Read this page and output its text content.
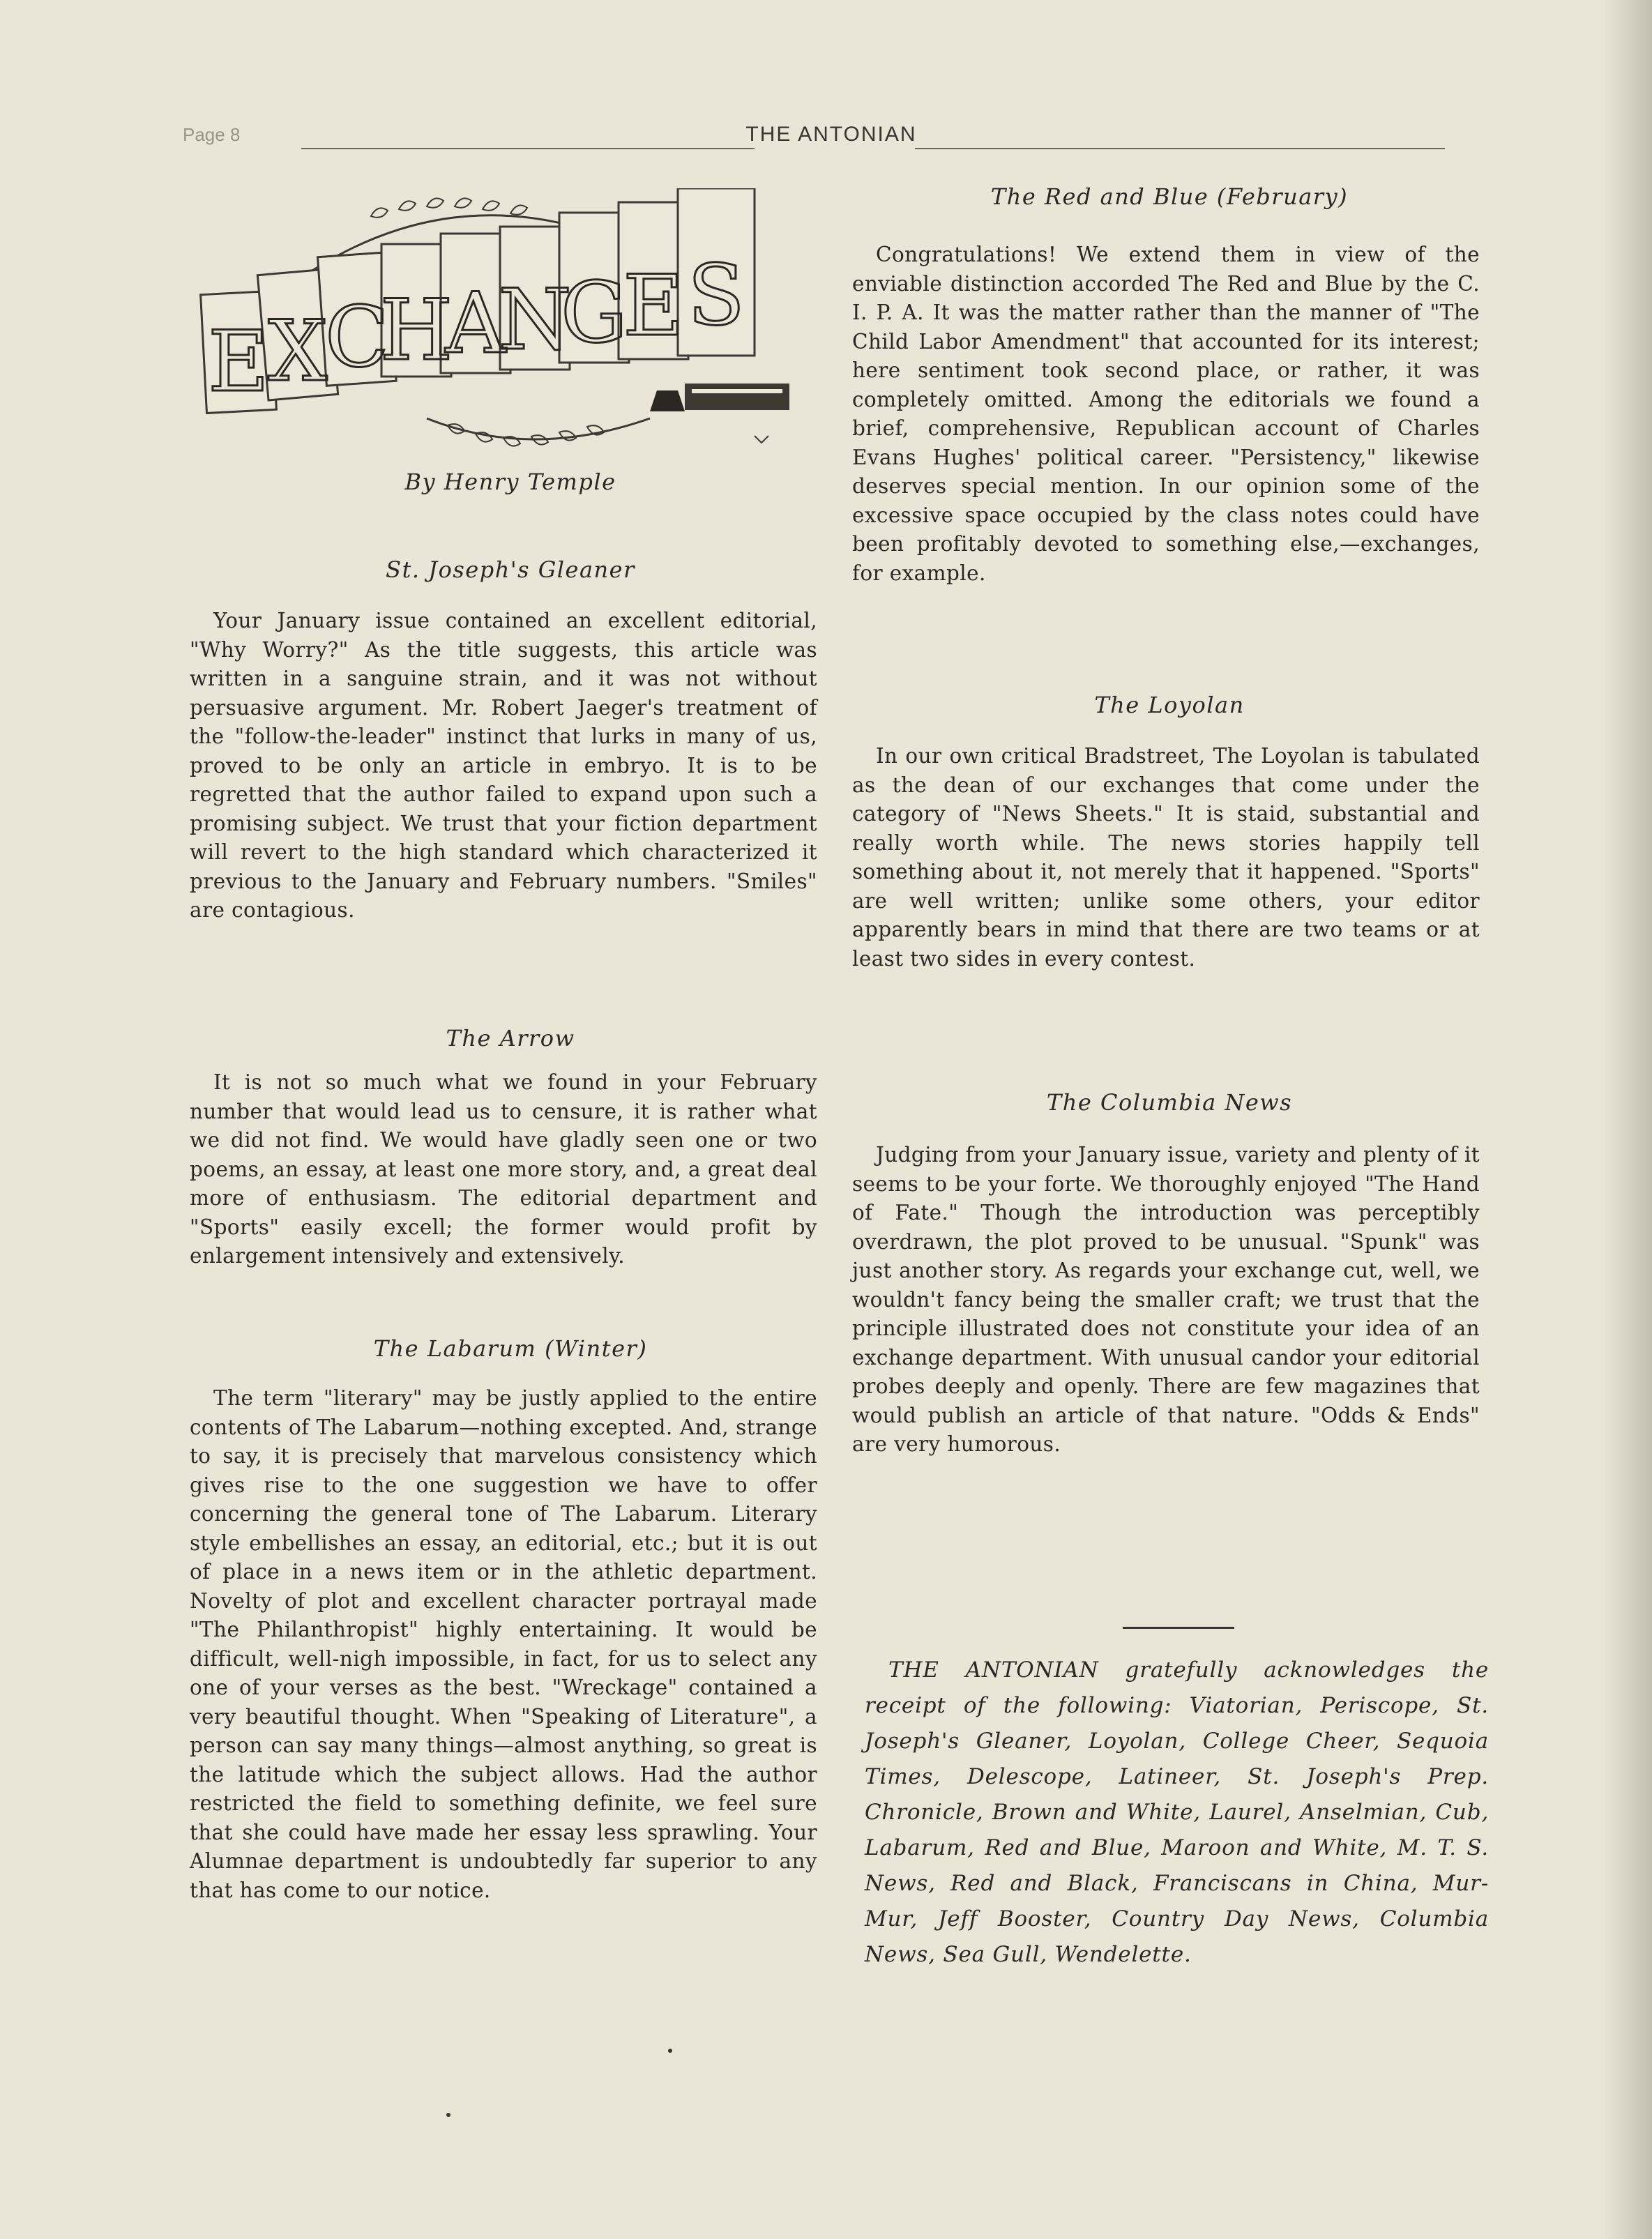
Page 8	THE ANTONIAN
E
X
C
H
A
N
G
E S
By Henry Temple
St. Joseph's Gleaner
Your January issue contained an excellent editorial, "Why Worry?" As the title suggests, this article was written in a sanguine strain, and it was not without persuasive argument. Mr. Robert Jaeger's treatment of the "follow-the-leader" instinct that lurks in many of us, proved to be only an article in embryo. It is to be regretted that the author failed to expand upon such a promising subject. We trust that your fiction department will revert to the high standard which characterized it previous to the January and February numbers. "Smiles" are contagious.
The Arrow
It is not so much what we found in your February number that would lead us to censure, it is rather what we did not find. We would have gladly seen one or two poems, an essay, at least one more story, and, a great deal more of enthusiasm. The editorial department and "Sports" easily excell; the former would profit by enlargement intensively and extensively.
The Labarum (Winter)
The term "literary" may be justly applied to the entire contents of The Labarum—nothing excepted. And, strange to say, it is precisely that marvelous consistency which gives rise to the one suggestion we have to offer concerning the general tone of The Labarum. Literary style embellishes an essay, an editorial, etc.; but it is out of place in a news item or in the athletic department. Novelty of plot and excellent character portrayal made "The Philanthropist" highly entertaining. It would be difficult, well-nigh impossible, in fact, for us to select any one of your verses as the best. "Wreckage" contained a very beautiful thought. When "Speaking of Literature", a person can say many things—almost anything, so great is the latitude which the subject allows. Had the author restricted the field to something definite, we feel sure that she could have made her essay less sprawling. Your Alumnae department is undoubtedly far superior to any that has come to our notice.
The Red and Blue (February)
Congratulations! We extend them in view of the enviable distinction accorded The Red and Blue by the C. I. P. A. It was the matter rather than the manner of "The Child Labor Amendment" that accounted for its interest; here sentiment took second place, or rather, it was completely omitted. Among the editorials we found a brief, comprehensive, Republican account of Charles Evans Hughes' political career. "Persistency," likewise deserves special mention. In our opinion some of the excessive space occupied by the class notes could have been profitably devoted to something else,—exchanges, for example.
The Loyolan
In our own critical Bradstreet, The Loyolan is tabulated as the dean of our exchanges that come under the category of "News Sheets." It is staid, substantial and really worth while. The news stories happily tell something about it, not merely that it happened. "Sports" are well written; unlike some others, your editor apparently bears in mind that there are two teams or at least two sides in every contest.
The Columbia News
Judging from your January issue, variety and plenty of it seems to be your forte. We thoroughly enjoyed "The Hand of Fate." Though the introduction was perceptibly overdrawn, the plot proved to be unusual. "Spunk" was just another story. As regards your exchange cut, well, we wouldn't fancy being the smaller craft; we trust that the principle illustrated does not constitute your idea of an exchange department. With unusual candor your editorial probes deeply and openly. There are few magazines that would publish an article of that nature. "Odds & Ends" are very humorous.
THE ANTONIAN gratefully acknowledges the receipt of the following: Viatorian, Periscope, St. Joseph's Gleaner, Loyolan, College Cheer, Sequoia Times, Delescope, Latineer, St. Joseph's Prep. Chronicle, Brown and White, Laurel, Anselmian, Cub, Labarum, Red and Blue, Maroon and White, M. T. S. News, Red and Black, Franciscans in China, Mur-Mur, Jeff Booster, Country Day News, Columbia News, Sea Gull, Wendelette.
